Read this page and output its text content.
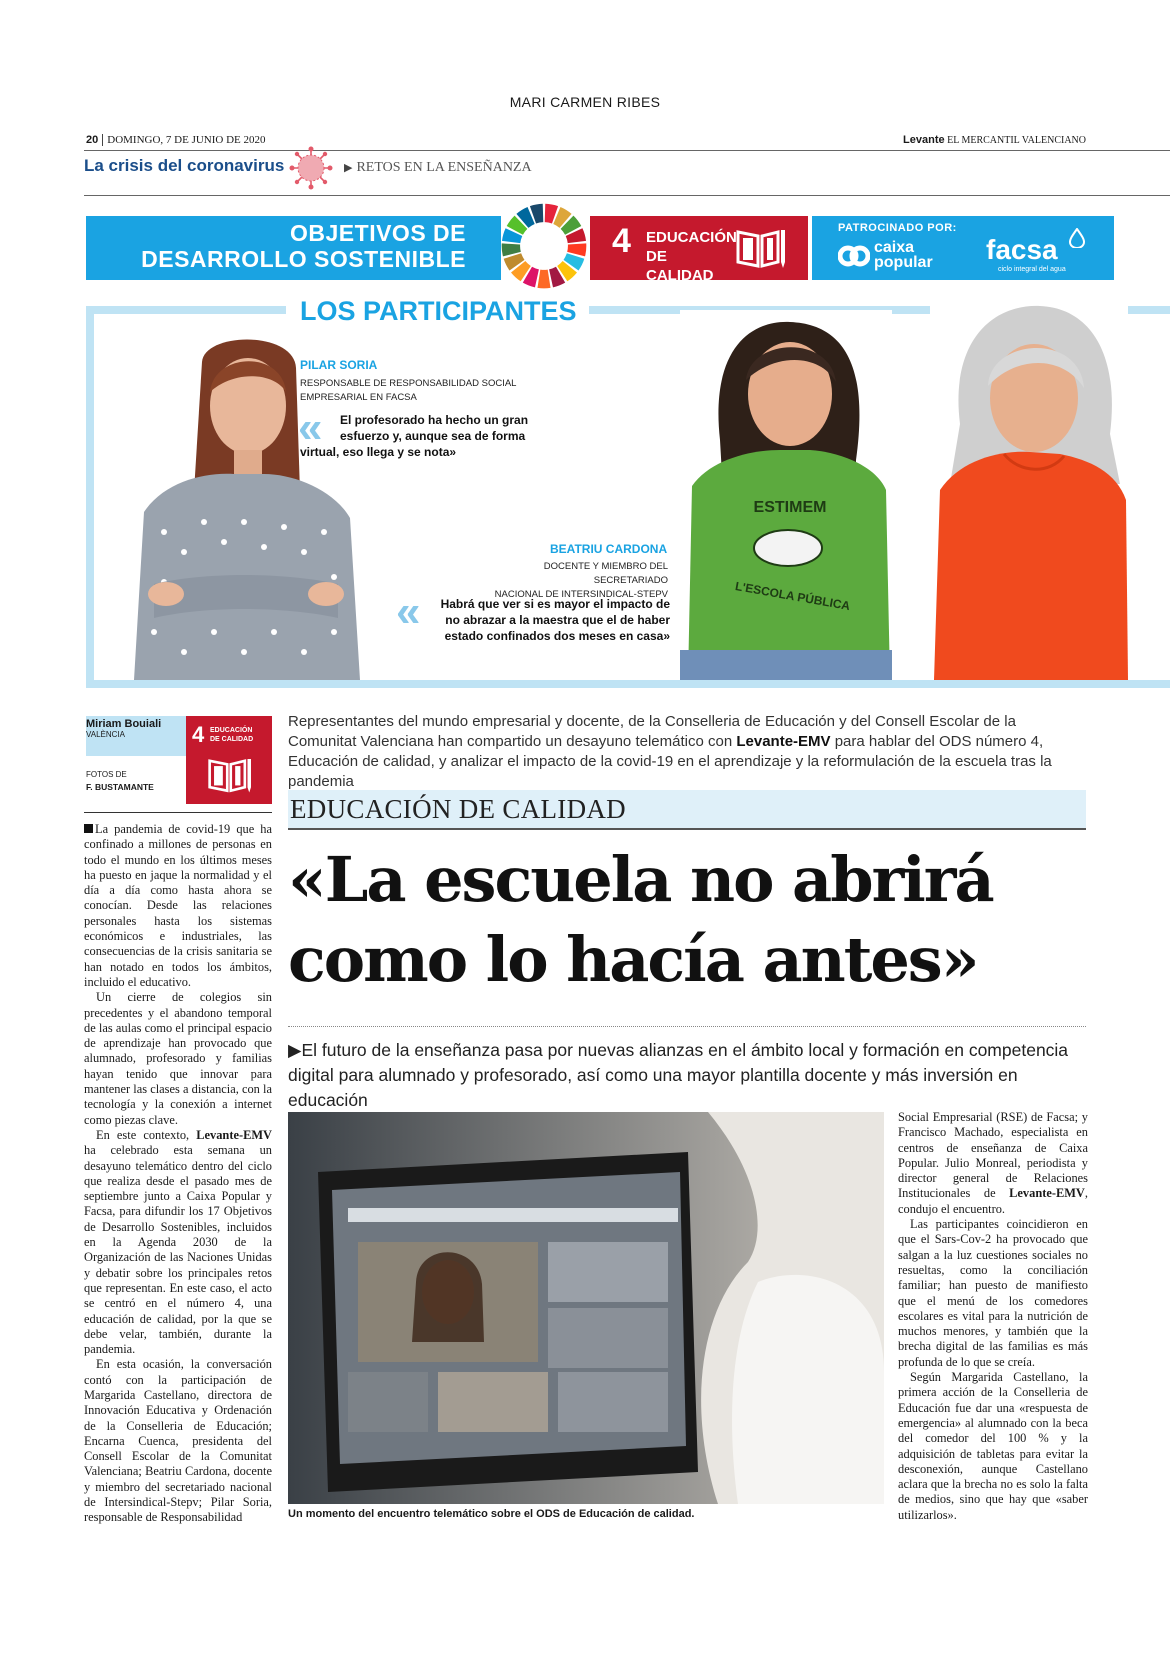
MARI CARMEN RIBES
20 DOMINGO, 7 DE JUNIO DE 2020	Levante EL MERCANTIL VALENCIANO
La crisis del coronavirus	▶ RETOS EN LA ENSEÑANZA
OBJETIVOS DE
DESARROLLO SOSTENIBLE	4 EDUCACIÓN
DE CALIDAD
PATROCINADO POR:
caixa
popular facsa
ciclo integral del agua
LOS PARTICIPANTES
PILAR SORIA
RESPONSABLE DE RESPONSABILIDAD SOCIAL
EMPRESARIAL EN FACSA
«	El profesorado ha hecho un gran
esfuerzo y, aunque sea de forma
virtual, eso llega y se nota»
BEATRIU CARDONA
DOCENTE Y MIEMBRO DEL SECRETARIADO
NACIONAL DE INTERSINDICAL-STEPV
« Habrá que ver si es mayor el impacto de
no abrazar a la maestra que el de haber
estado confinados dos meses en casa»
ESTIMEM
L'ESCOLA PÚBLICA
Miriam Bouiali
VALÈNCIA	4 EDUCACIÓN
DE CALIDAD
FOTOS DE
F. BUSTAMANTE
Representantes del mundo empresarial y docente, de la Conselleria de Educación y del Consell Escolar de la Comunitat Valenciana han compartido un desayuno telemático con Levante-EMV para hablar del ODS número 4, Educación de calidad, y analizar el impacto de la covid-19 en el aprendizaje y la reformulación de la escuela tras la pandemia
EDUCACIÓN DE CALIDAD
«La escuela no abrirá
como lo hacía antes»
▶El futuro de la enseñanza pasa por nuevas alianzas en el ámbito local y formación en competencia digital para alumnado y profesorado, así como una mayor plantilla docente y más inversión en educación

La pandemia de covid-19 que ha confinado a millones de personas en todo el mundo en los últimos meses ha puesto en jaque la normalidad y el día a día como hasta ahora se conocían. Desde las relaciones personales hasta los sistemas económicos e industriales, las consecuencias de la crisis sanitaria se han notado en todos los ámbitos, incluido el educativo.

Un cierre de colegios sin precedentes y el abandono temporal de las aulas como el principal espacio de aprendizaje han provocado que alumnado, profesorado y familias hayan tenido que innovar para mantener las clases a distancia, con la tecnología y la conexión a internet como piezas clave.

En este contexto, Levante-EMV ha celebrado esta semana un desayuno telemático dentro del ciclo que realiza desde el pasado mes de septiembre junto a Caixa Popular y Facsa, para difundir los 17 Objetivos de Desarrollo Sostenibles, incluidos en la Agenda 2030 de la Organización de las Naciones Unidas y debatir sobre los principales retos que representan. En este caso, el acto se centró en el número 4, una educación de calidad, por la que se debe velar, también, durante la pandemia.

En esta ocasión, la conversación contó con la participación de Margarida Castellano, directora de Innovación Educativa y Ordenación de la Conselleria de Educación; Encarna Cuenca, presidenta del Consell Escolar de la Comunitat Valenciana; Beatriu Cardona, docente y miembro del secretariado nacional de Intersindical-Stepv; Pilar Soria, responsable de Responsabilidad	Un momento del encuentro telemático sobre el ODS de Educación de calidad.

Social Empresarial (RSE) de Facsa; y Francisco Machado, especialista en centros de enseñanza de Caixa Popular. Julio Monreal, periodista y director general de Relaciones Institucionales de Levante-EMV, condujo el encuentro.

Las participantes coincidieron en que el Sars-Cov-2 ha provocado que salgan a la luz cuestiones sociales no resueltas, como la conciliación familiar; han puesto de manifiesto que el menú de los comedores escolares es vital para la nutrición de muchos menores, y también que la brecha digital de las familias es más profunda de lo que se creía.

Según Margarida Castellano, la primera acción de la Conselleria de Educación fue dar una «respuesta de emergencia» al alumnado con la beca del comedor del 100 % y la adquisición de tabletas para evitar la desconexión, aunque Castellano aclara que la brecha no es solo la falta de medios, sino que hay que «saber utilizarlos».
